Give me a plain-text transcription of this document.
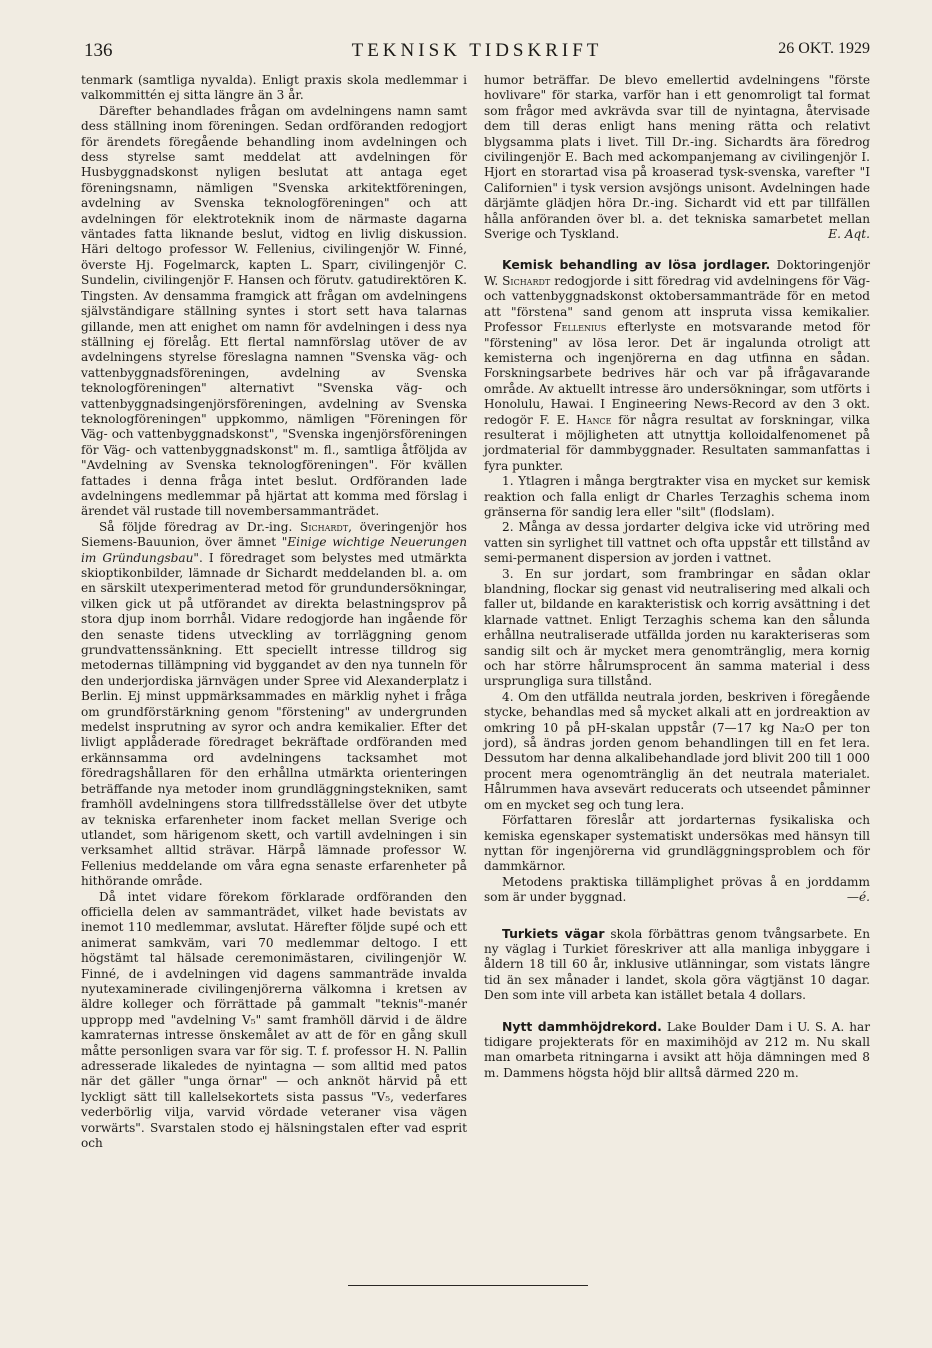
136	TEKNISK TIDSKRIFT	26 OKT. 1929

tenmark (samtliga nyvalda). Enligt praxis skola medlemmar i valkommittén ej sitta längre än 3 år.

Därefter behandlades frågan om avdelningens namn samt dess ställning inom föreningen. Sedan ordföranden redogjort för ärendets föregående behandling inom avdelningen och dess styrelse samt meddelat att avdelningen för Husbyggnadskonst nyligen beslutat att antaga eget föreningsnamn, nämligen "Svenska arkitektföreningen, avdelning av Svenska teknologföreningen" och att avdelningen för elektroteknik inom de närmaste dagarna väntades fatta liknande beslut, vidtog en livlig diskussion. Häri deltogo professor W. Fellenius, civilingenjör W. Finné, överste Hj. Fogelmarck, kapten L. Sparr, civilingenjör C. Sundelin, civilingenjör F. Hansen och förutv. gatudirektören K. Tingsten. Av densamma framgick att frågan om avdelningens självständigare ställning syntes i stort sett hava talarnas gillande, men att enighet om namn för avdelningen i dess nya ställning ej förelåg. Ett flertal namnförslag utöver de av avdelningens styrelse föreslagna namnen "Svenska väg- och vattenbyggnadsföreningen, avdelning av Svenska teknologföreningen" alternativt "Svenska väg- och vattenbyggnadsingenjörsföreningen, avdelning av Svenska teknologföreningen" uppkommo, nämligen "Föreningen för Väg- och vattenbyggnadskonst", "Svenska ingenjörsföreningen för Väg- och vattenbyggnadskonst" m. fl., samtliga åtföljda av "Avdelning av Svenska teknologföreningen". För kvällen fattades i denna fråga intet beslut. Ordföranden lade avdelningens medlemmar på hjärtat att komma med förslag i ärendet väl rustade till novembersammanträdet.

Så följde föredrag av Dr.-ing. Sichardt, överingenjör hos Siemens-Bauunion, över ämnet "Einige wichtige Neuerungen im Gründungsbau". I föredraget som belystes med utmärkta skioptikonbilder, lämnade dr Sichardt meddelanden bl. a. om en särskilt utexperimenterad metod för grundundersökningar, vilken gick ut på utförandet av direkta belastningsprov på stora djup inom borrhål. Vidare redogjorde han ingående för den senaste tidens utveckling av torrläggning genom grundvattenssänkning. Ett speciellt intresse tilldrog sig metodernas tillämpning vid byggandet av den nya tunneln för den underjordiska järnvägen under Spree vid Alexanderplatz i Berlin. Ej minst uppmärksammades en märklig nyhet i fråga om grundförstärkning genom "förstening" av undergrunden medelst insprutning av syror och andra kemikalier. Efter det livligt applåderade föredraget bekräftade ordföranden med erkännsamma ord avdelningens tacksamhet mot föredragshållaren för den erhållna utmärkta orienteringen beträffande nya metoder inom grundläggningstekniken, samt framhöll avdelningens stora tillfredsställelse över det utbyte av tekniska erfarenheter inom facket mellan Sverige och utlandet, som härigenom skett, och vartill avdelningen i sin verksamhet alltid strävar. Härpå lämnade professor W. Fellenius meddelande om våra egna senaste erfarenheter på hithörande område.

Då intet vidare förekom förklarade ordföranden den officiella delen av sammanträdet, vilket hade bevistats av inemot 110 medlemmar, avslutat. Härefter följde supé och ett animerat samkväm, vari 70 medlemmar deltogo. I ett högstämt tal hälsade ceremonimästaren, civilingenjör W. Finné, de i avdelningen vid dagens sammanträde invalda nyutexaminerade civilingenjörerna välkomna i kretsen av äldre kolleger och förrättade på gammalt "teknis"-manér uppropp med "avdelning V₅" samt framhöll därvid i de äldre kamraternas intresse önskemålet av att de för en gång skull måtte personligen svara var för sig. T. f. professor H. N. Pallin adresserade likaledes de nyintagna — som alltid med patos när det gäller "unga örnar" — och anknöt härvid på ett lyckligt sätt till kallelsekortets sista passus "V₅, vederfares vederbörlig vilja, varvid vördade veteraner visa vägen vorwärts". Svarstalen stodo ej hälsningstalen efter vad esprit och

humor beträffar. De blevo emellertid avdelningens "förste hovlivare" för starka, varför han i ett genomroligt tal format som frågor med avkrävda svar till de nyintagna, återvisade dem till deras enligt hans mening rätta och relativt blygsamma plats i livet. Till Dr.-ing. Sichardts ära föredrog civilingenjör E. Bach med ackompanjemang av civilingenjör I. Hjort en storartad visa på kroaserad tysk-svenska, varefter "I Californien" i tysk version avsjöngs unisont. Avdelningen hade därjämte glädjen höra Dr.-ing. Sichardt vid ett par tillfällen hålla anföranden över bl. a. det tekniska samarbetet mellan Sverige och Tyskland.	E. Aqt.

Kemisk behandling av lösa jordlager. Doktoringenjör W. Sichardt redogjorde i sitt föredrag vid avdelningens för Väg- och vattenbyggnadskonst oktobersammanträde för en metod att "förstena" sand genom att insprutа vissa kemikalier. Professor Fellenius efterlyste en motsvarande metod för "förstening" av lösa leror. Det är ingalunda otroligt att kemisterna och ingenjörerna en dag utfinna en sådan. Forskningsarbete bedrives här och var på ifrågavarande område. Av aktuellt intresse äro undersökningar, som utförts i Honolulu, Hawai. I Engineering News-Record av den 3 okt. redogör F. E. Hance för några resultat av forskningar, vilka resulterat i möjligheten att utnyttja kolloidalfenomenet på jordmaterial för dammbyggnader. Resultaten sammanfattas i fyra punkter.

1. Ytlagren i många bergtrakter visa en mycket sur kemisk reaktion och falla enligt dr Charles Terzaghis schema inom gränserna för sandig lera eller "silt" (flodslam).

2. Många av dessa jordarter delgiva icke vid utröring med vatten sin syrlighet till vattnet och ofta uppstår ett tillstånd av semi-permanent dispersion av jorden i vattnet.

3. En sur jordart, som frambringar en sådan oklar blandning, flockar sig genast vid neutralisering med alkali och faller ut, bildande en karakteristisk och korrig avsättning i det klarnade vattnet. Enligt Terzaghis schema kan den sålunda erhållna neutraliserade utfällda jorden nu karakteriseras som sandig silt och är mycket mera genomtränglig, mera kornig och har större hålrumsprocent än samma material i dess ursprungliga sura tillstånd.

4. Om den utfällda neutrala jorden, beskriven i föregående stycke, behandlas med så mycket alkali att en jordreaktion av omkring 10 på pH-skalan uppstår (7—17 kg Na₂O per ton jord), så ändras jorden genom behandlingen till en fet lera. Dessutom har denna alkalibehandlade jord blivit 200 till 1 000 procent mera ogenomtränglig än det neutrala materialet. Hålrummen hava avsevärt reducerats och utseendet påminner om en mycket seg och tung lera.

Författaren föreslår att jordarternas fysikaliska och kemiska egenskaper systematiskt undersökas med hänsyn till nyttan för ingenjörerna vid grundläggningsproblem och för dammkärnor.

Metodens praktiska tillämplighet prövas å en jorddamm som är under byggnad.	—é.

Turkiets vägar skola förbättras genom tvångsarbete. En ny väglag i Turkiet föreskriver att alla manliga inbyggare i åldern 18 till 60 år, inklusive utlänningar, som vistats längre tid än sex månader i landet, skola göra vägtjänst 10 dagar. Den som inte vill arbeta kan istället betala 4 dollars.

Nytt dammhöjdrekord. Lake Boulder Dam i U. S. A. har tidigare projekterats för en maximihöjd av 212 m. Nu skall man omarbeta ritningarna i avsikt att höja dämningen med 8 m. Dammens högsta höjd blir alltså därmed 220 m.
